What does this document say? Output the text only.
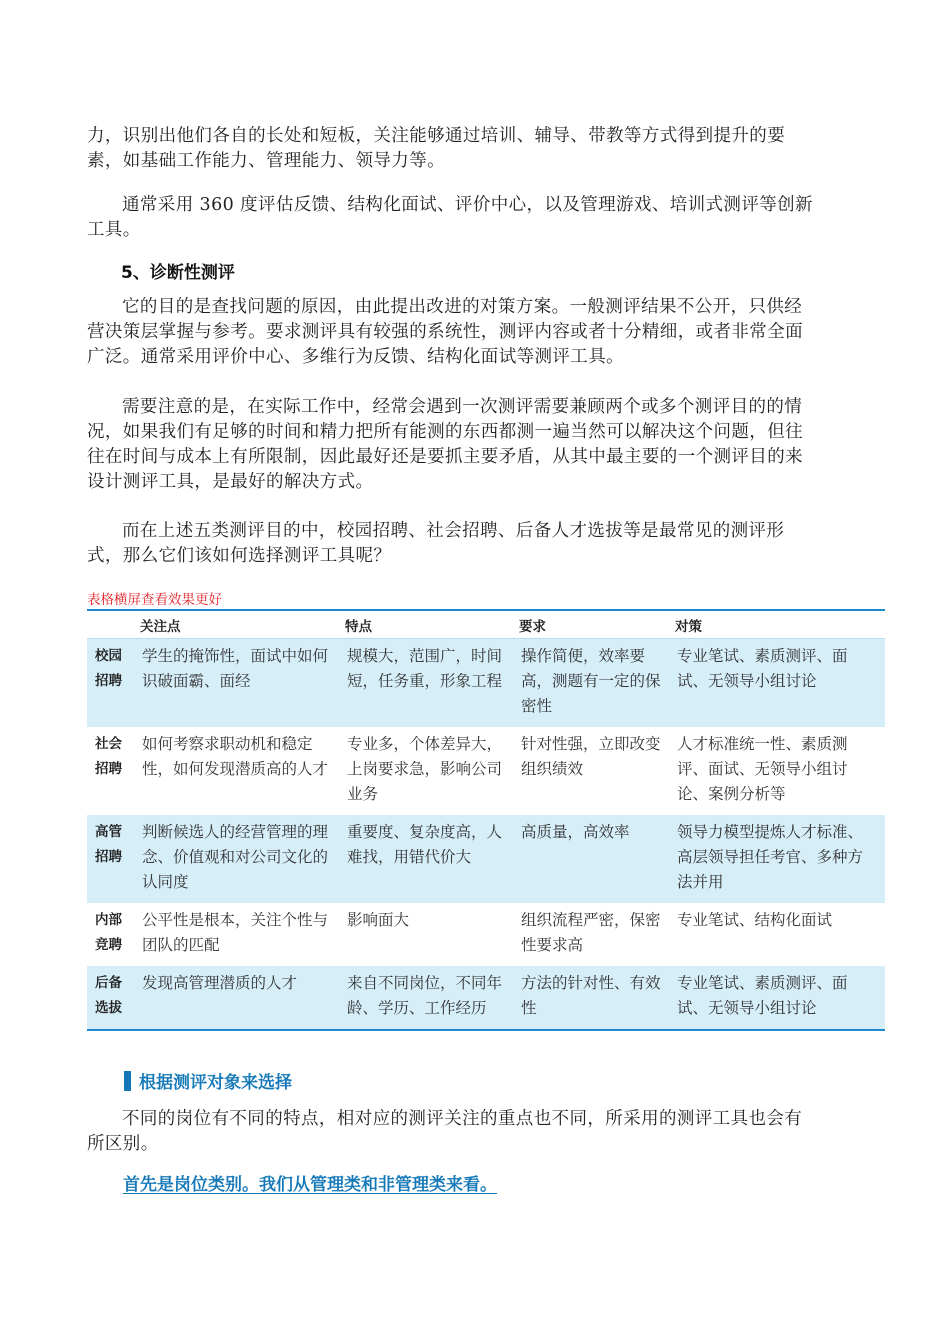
力，识别出他们各自的长处和短板，关注能够通过培训、辅导、带教等方式得到提升的要
素，如基础工作能力、管理能力、领导力等。
通常采用 360 度评估反馈、结构化面试、评价中心，以及管理游戏、培训式测评等创新
工具。
5、诊断性测评
它的目的是查找问题的原因，由此提出改进的对策方案。一般测评结果不公开，只供经
营决策层掌握与参考。要求测评具有较强的系统性，测评内容或者十分精细，或者非常全面
广泛。通常采用评价中心、多维行为反馈、结构化面试等测评工具。
需要注意的是，在实际工作中，经常会遇到一次测评需要兼顾两个或多个测评目的的情
况，如果我们有足够的时间和精力把所有能测的东西都测一遍当然可以解决这个问题，但往
往在时间与成本上有所限制，因此最好还是要抓主要矛盾，从其中最主要的一个测评目的来
设计测评工具，是最好的解决方式。
而在上述五类测评目的中，校园招聘、社会招聘、后备人才选拔等是最常见的测评形
式，那么它们该如何选择测评工具呢？
表格横屏查看效果更好
	关注点	特点	要求	对策
校园
招聘	学生的掩饰性，面试中如何识破面霸、面经	规模大，范围广，时间短，任务重，形象工程	操作简便，效率要高，测题有一定的保密性	专业笔试、素质测评、面试、无领导小组讨论
社会
招聘	如何考察求职动机和稳定性，如何发现潜质高的人才	专业多，个体差异大，上岗要求急，影响公司业务	针对性强，立即改变组织绩效	人才标准统一性、素质测评、面试、无领导小组讨论、案例分析等
高管
招聘	判断候选人的经营管理的理念、价值观和对公司文化的认同度	重要度、复杂度高，人难找，用错代价大	高质量，高效率	领导力模型提炼人才标准、高层领导担任考官、多种方法并用
内部
竞聘	公平性是根本，关注个性与团队的匹配	影响面大	组织流程严密，保密性要求高	专业笔试、结构化面试
后备
选拔	发现高管理潜质的人才	来自不同岗位，不同年龄、学历、工作经历	方法的针对性、有效性	专业笔试、素质测评、面试、无领导小组讨论
根据测评对象来选择
不同的岗位有不同的特点，相对应的测评关注的重点也不同，所采用的测评工具也会有
所区别。
首先是岗位类别。我们从管理类和非管理类来看。
